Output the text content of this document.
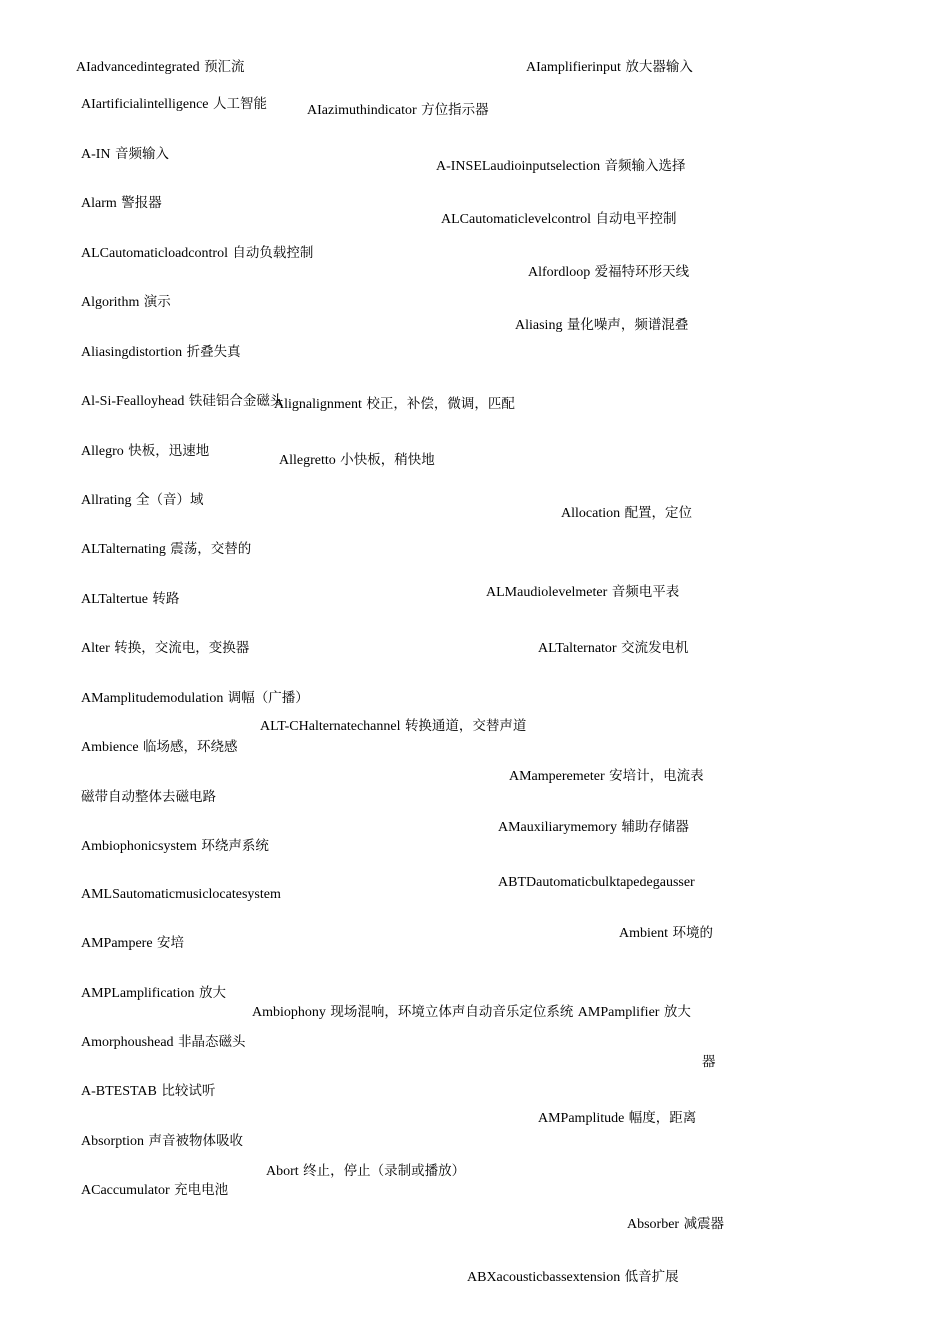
AIadvancedintegrated 预汇流	AIamplifierinput 放大器输入
AIartificialintelligence 人工智能	AIazimuthindicator 方位指示器
A-IN 音频输入
A-INSELaudioinputselection 音频输入选择
Alarm 警报器
ALCautomaticlevelcontrol 自动电平控制
ALCautomaticloadcontrol 自动负载控制
Alfordloop 爱福特环形天线
Algorithm 演示
Aliasing 量化噪声，频谱混叠
Aliasingdistortion 折叠失真
Al-Si-Fealloyhead 铁硅铝合金磁头
Alignalignment 校正，补偿，微调，匹配
Allegro 快板，迅速地
Allegretto 小快板，稍快地
Allrating 全（音）域
Allocation 配置，定位
ALTalternating 震荡，交替的
ALTaltertue 转路	ALMaudiolevelmeter 音频电平表
Alter 转换，交流电，变换器	ALTalternator 交流发电机
AMamplitudemodulation 调幅（广播）
ALT-CHalternatechannel 转换通道，交替声道
Ambience 临场感，环绕感
AMamperemeter 安培计，电流表
磁带自动整体去磁电路
AMauxiliarymemory 辅助存储器
Ambiophonicsystem 环绕声系统
ABTDautomaticbulktapedegausser
AMLSautomaticmusiclocatesystem
Ambient 环境的
AMPampere 安培
AMPLamplification 放大
Ambiophony 现场混响，环境立体声自动音乐定位系统 AMPamplifier 放大
Amorphoushead 非晶态磁头
器
A-BTESTAB 比较试听
AMPamplitude 幅度，距离
Absorption 声音被物体吸收
Abort 终止，停止（录制或播放）
ACaccumulator 充电电池
Absorber 减震器
ABXacousticbassextension 低音扩展
